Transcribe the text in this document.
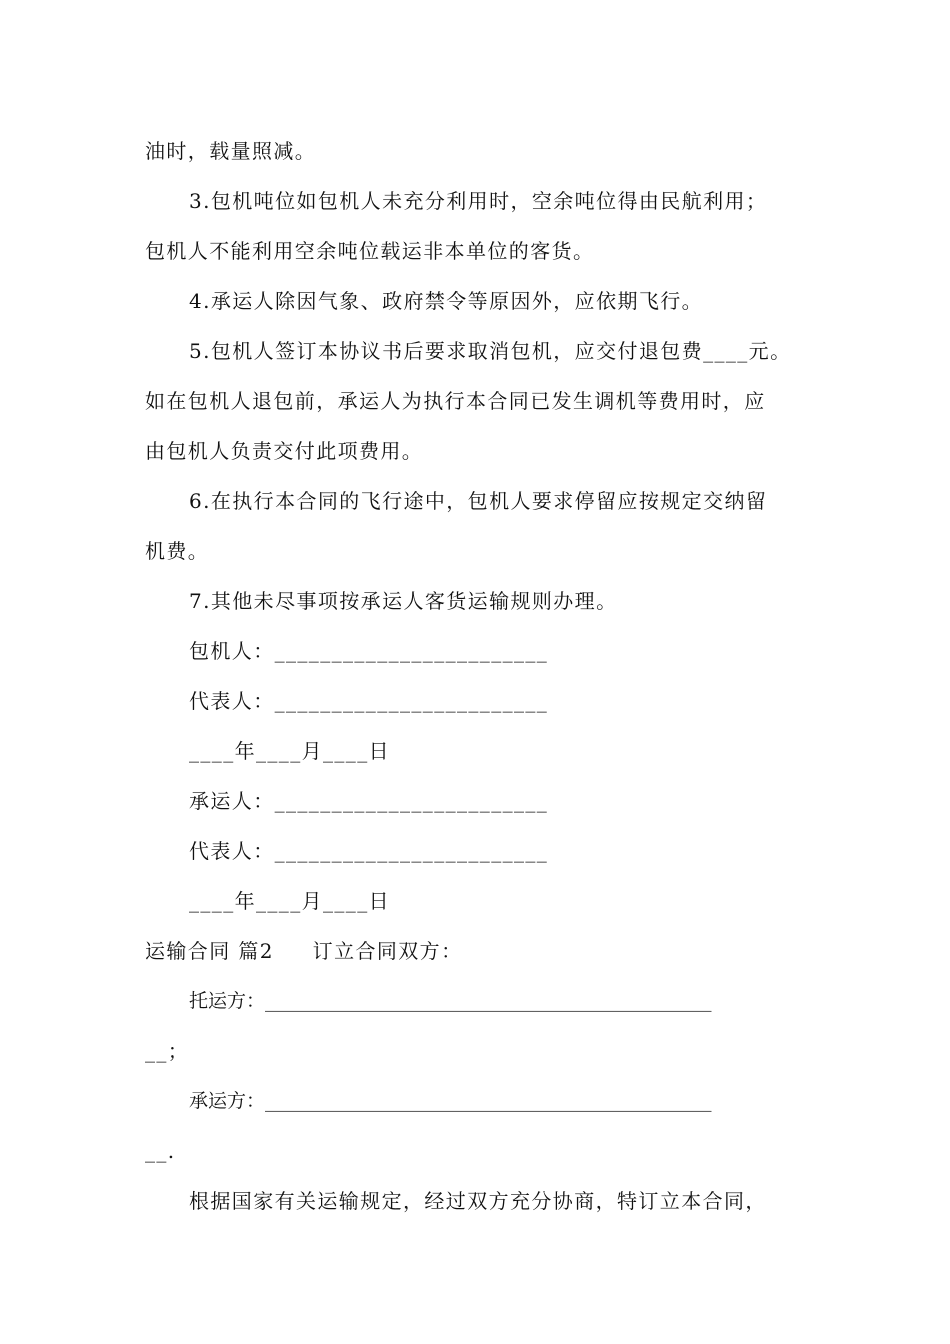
油时，载量照减。
3.包机吨位如包机人未充分利用时，空余吨位得由民航利用；
包机人不能利用空余吨位载运非本单位的客货。
4.承运人除因气象、政府禁令等原因外，应依期飞行。
5.包机人签订本协议书后要求取消包机，应交付退包费____元。
如在包机人退包前，承运人为执行本合同已发生调机等费用时，应
由包机人负责交付此项费用。
6.在执行本合同的飞行途中，包机人要求停留应按规定交纳留
机费。
7.其他未尽事项按承运人客货运输规则办理。
包机人：________________________
代表人：________________________
____年____月____日
承运人：________________________
代表人：________________________
____年____月____日
运输合同 篇2     订立合同双方：
托运方：_______________________________________________
__；
承运方：_______________________________________________
__.
根据国家有关运输规定，经过双方充分协商，特订立本合同，
